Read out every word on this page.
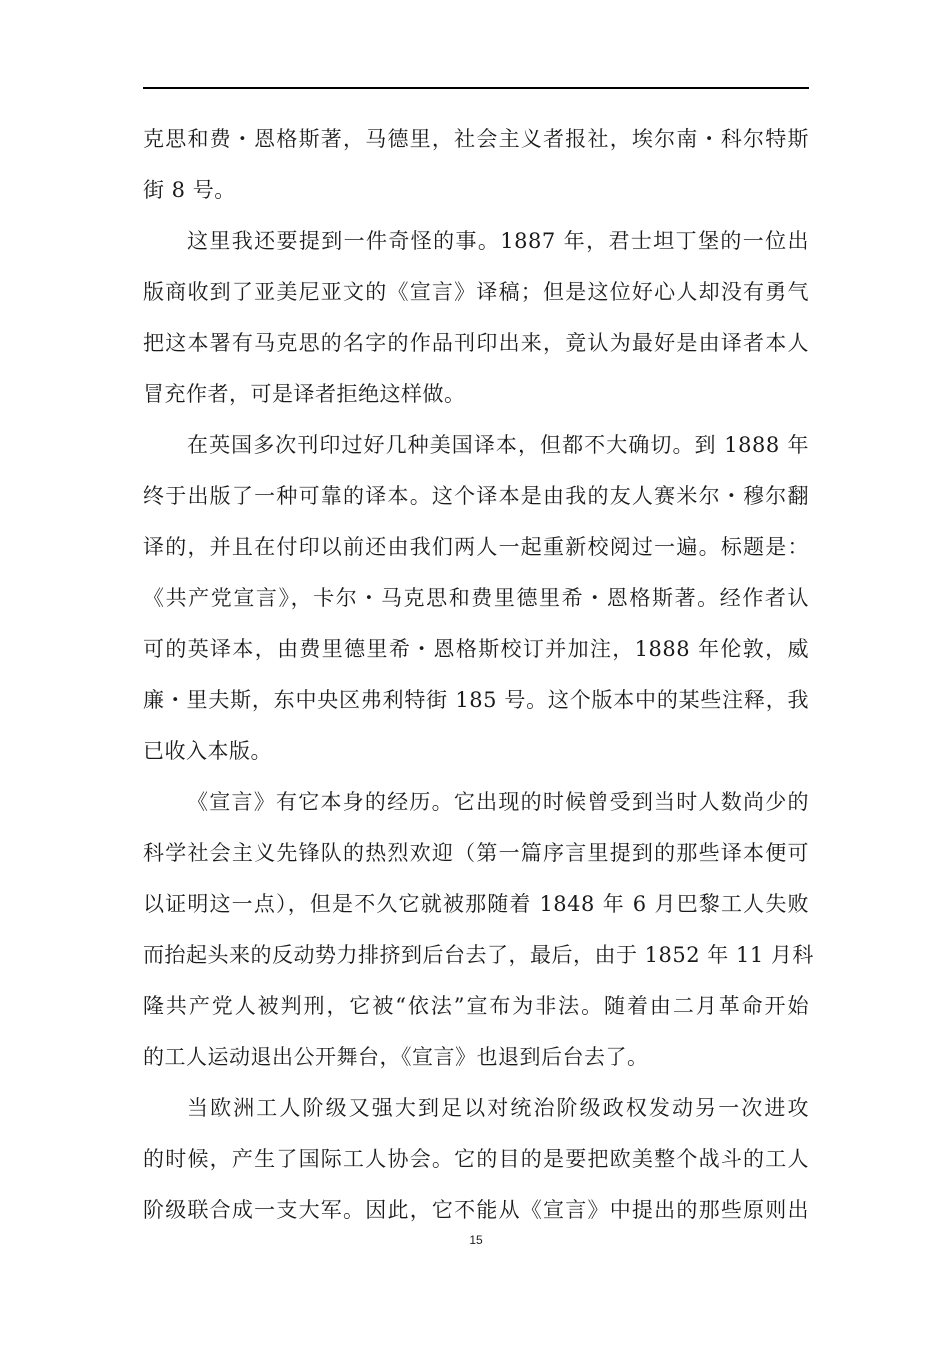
克思和费・恩格斯著，马德里，社会主义者报社，埃尔南・科尔特斯
街 8 号。
这里我还要提到一件奇怪的事。1887 年，君士坦丁堡的一位出
版商收到了亚美尼亚文的《宣言》译稿；但是这位好心人却没有勇气
把这本署有马克思的名字的作品刊印出来，竟认为最好是由译者本人
冒充作者，可是译者拒绝这样做。
在英国多次刊印过好几种美国译本，但都不大确切。到 1888 年
终于出版了一种可靠的译本。这个译本是由我的友人赛米尔・穆尔翻
译的，并且在付印以前还由我们两人一起重新校阅过一遍。标题是：
《共产党宣言》，卡尔・马克思和费里德里希・恩格斯著。经作者认
可的英译本，由费里德里希・恩格斯校订并加注，1888 年伦敦，威
廉・里夫斯，东中央区弗利特街 185 号。这个版本中的某些注释，我
已收入本版。
《宣言》有它本身的经历。它出现的时候曾受到当时人数尚少的
科学社会主义先锋队的热烈欢迎（第一篇序言里提到的那些译本便可
以证明这一点），但是不久它就被那随着 1848 年 6 月巴黎工人失败
而抬起头来的反动势力排挤到后台去了，最后，由于 1852 年 11 月科
隆共产党人被判刑，它被“依法”宣布为非法。随着由二月革命开始
的工人运动退出公开舞台，《宣言》也退到后台去了。
当欧洲工人阶级又强大到足以对统治阶级政权发动另一次进攻
的时候，产生了国际工人协会。它的目的是要把欧美整个战斗的工人
阶级联合成一支大军。因此，它不能从《宣言》中提出的那些原则出
15
